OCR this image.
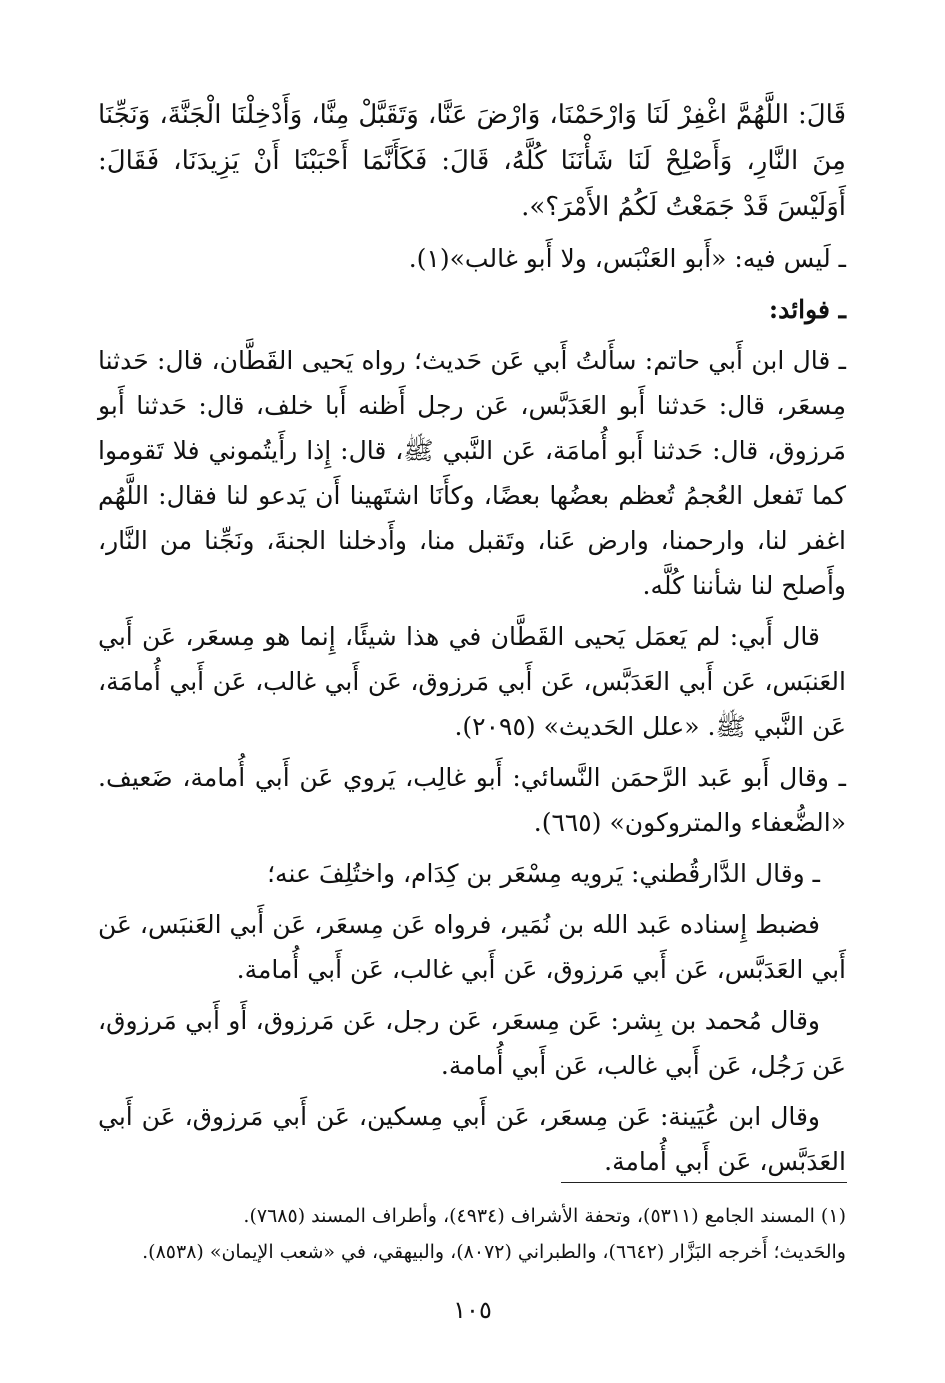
قَالَ: اللَّهُمَّ اغْفِرْ لَنَا وَارْحَمْنَا، وَارْضَ عَنَّا، وَتَقَبَّلْ مِنَّا، وَأَدْخِلْنَا الْجَنَّةَ، وَنَجِّنَا مِنَ النَّارِ، وَأَصْلِحْ لَنَا شَأْنَنَا كُلَّهُ، قَالَ: فَكَأَنَّمَا أَحْبَبْنَا أَنْ يَزِيدَنَا، فَقَالَ: أَوَلَيْسَ قَدْ جَمَعْتُ لَكُمُ الأَمْرَ؟».

ـ لَيس فيه: «أَبو العَنْبَس، ولا أَبو غالب»(١).

ـ فوائد:

ـ قال ابن أَبي حاتم: سأَلتُ أَبي عَن حَديث؛ رواه يَحيى القَطَّان، قال: حَدثنا مِسعَر، قال: حَدثنا أَبو العَدَبَّس، عَن رجل أَظنه أَبا خلف، قال: حَدثنا أَبو مَرزوق، قال: حَدثنا أَبو أُمامَة، عَن النَّبي ﷺ، قال: إِذا رأَيتُموني فلا تَقوموا كما تَفعل العُجمُ تُعظم بعضُها بعضًا، وكأَنَا اشتَهينا أَن يَدعو لنا فقال: اللَّهُم اغفر لنا، وارحمنا، وارض عَنا، وتَقبل منا، وأَدخلنا الجنةَ، ونَجِّنا من النَّار، وأَصلح لنا شأننا كُلَّه.

قال أَبي: لم يَعمَل يَحيى القَطَّان في هذا شيئًا، إِنما هو مِسعَر، عَن أَبي العَنبَس، عَن أَبي العَدَبَّس، عَن أَبي مَرزوق، عَن أَبي غالب، عَن أَبي أُمامَة، عَن النَّبي ﷺ. «علل الحَديث» (٢٠٩٥).

ـ وقال أَبو عَبد الرَّحمَن النَّسائي: أَبو غالِب، يَروي عَن أَبي أُمامة، ضَعيف. «الضُّعفاء والمتروكون» (٦٦٥).

ـ وقال الدَّارقُطني: يَرويه مِسْعَر بن كِدَام، واختُلِفَ عنه؛

فضبط إِسناده عَبد الله بن نُمَير، فرواه عَن مِسعَر، عَن أَبي العَنبَس، عَن أَبي العَدَبَّس، عَن أَبي مَرزوق، عَن أَبي غالب، عَن أَبي أُمامة.

وقال مُحمد بن بِشر: عَن مِسعَر، عَن رجل، عَن مَرزوق، أَو أَبي مَرزوق، عَن رَجُل، عَن أَبي غالب، عَن أَبي أُمامة.

وقال ابن عُيَينة: عَن مِسعَر، عَن أَبي مِسكين، عَن أَبي مَرزوق، عَن أَبي العَدَبَّس، عَن أَبي أُمامة.

(١) المسند الجامع (٥٣١١)، وتحفة الأشراف (٤٩٣٤)، وأطراف المسند (٧٦٨٥).

والحَديث؛ أَخرجه البَزَّار (٦٦٤٢)، والطبراني (٨٠٧٢)، والبيهقي، في «شعب الإيمان» (٨٥٣٨).

١٠٥
